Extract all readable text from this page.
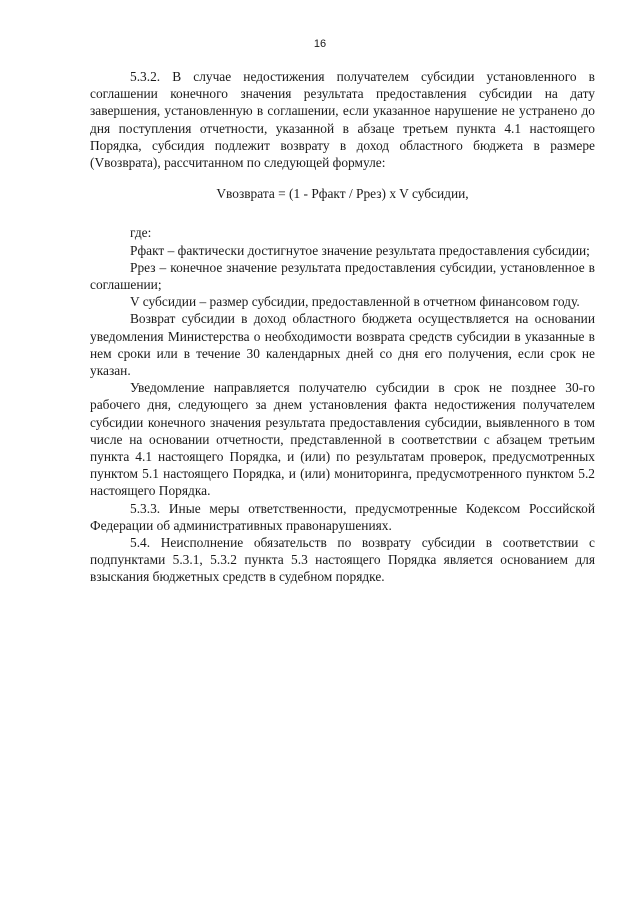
16

5.3.2. В случае недостижения получателем субсидии установленного в соглашении конечного значения результата предоставления субсидии на дату завершения, установленную в соглашении, если указанное нарушение не устранено до дня поступления отчетности, указанной в абзаце третьем пункта 4.1 настоящего Порядка, субсидия подлежит возврату в доход областного бюджета в размере (Vвозврата), рассчитанном по следующей формуле:

Vвозврата = (1 - Рфакт / Ррез) x V субсидии,

где:

Рфакт – фактически достигнутое значение результата предоставления субсидии;

Ррез – конечное значение результата предоставления субсидии, установленное в соглашении;

V субсидии – размер субсидии, предоставленной в отчетном финансовом году.

Возврат субсидии в доход областного бюджета осуществляется на основании уведомления Министерства о необходимости возврата средств субсидии в указанные в нем сроки или в течение 30 календарных дней со дня его получения, если срок не указан.

Уведомление направляется получателю субсидии в срок не позднее 30-го рабочего дня, следующего за днем установления факта недостижения получателем субсидии конечного значения результата предоставления субсидии, выявленного в том числе на основании отчетности, представленной в соответствии с абзацем третьим пункта 4.1 настоящего Порядка, и (или) по результатам проверок, предусмотренных пунктом 5.1 настоящего Порядка, и (или) мониторинга, предусмотренного пунктом 5.2 настоящего Порядка.

5.3.3. Иные меры ответственности, предусмотренные Кодексом Российской Федерации об административных правонарушениях.

5.4. Неисполнение обязательств по возврату субсидии в соответствии с подпунктами 5.3.1, 5.3.2 пункта 5.3 настоящего Порядка является основанием для взыскания бюджетных средств в судебном порядке.
